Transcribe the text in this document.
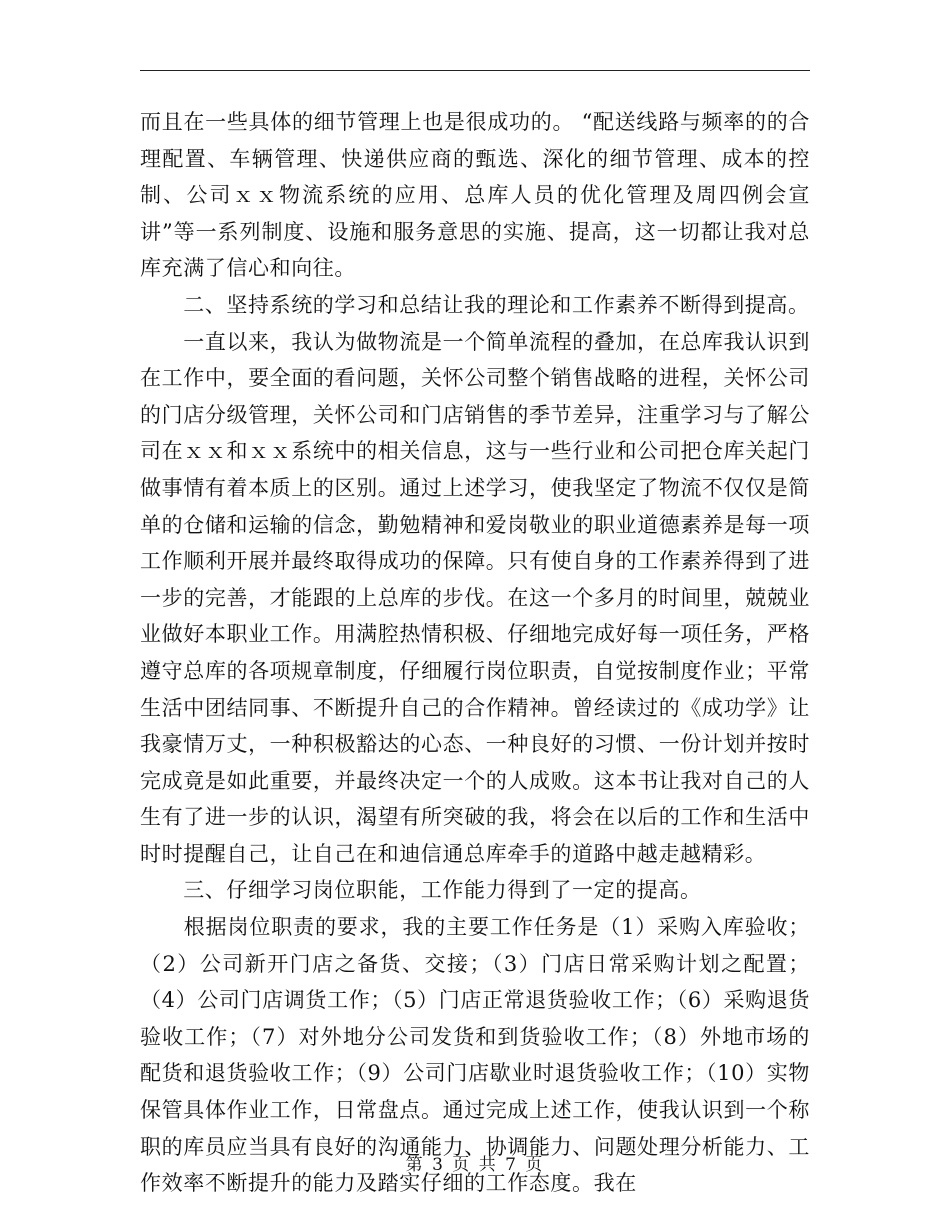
而且在一些具体的细节管理上也是很成功的。 “配送线路与频率的的合理配置、车辆管理、快递供应商的甄选、深化的细节管理、成本的控制、公司ｘｘ物流系统的应用、总库人员的优化管理及周四例会宣讲”等一系列制度、设施和服务意思的实施、提高，这一切都让我对总库充满了信心和向往。

　　二、坚持系统的学习和总结让我的理论和工作素养不断得到提高。

　　一直以来，我认为做物流是一个简单流程的叠加，在总库我认识到在工作中，要全面的看问题，关怀公司整个销售战略的进程，关怀公司的门店分级管理，关怀公司和门店销售的季节差异，注重学习与了解公司在ｘｘ和ｘｘ系统中的相关信息，这与一些行业和公司把仓库关起门做事情有着本质上的区别。通过上述学习，使我坚定了物流不仅仅是简单的仓储和运输的信念，勤勉精神和爱岗敬业的职业道德素养是每一项工作顺利开展并最终取得成功的保障。只有使自身的工作素养得到了进一步的完善，才能跟的上总库的步伐。在这一个多月的时间里，兢兢业业做好本职业工作。用满腔热情积极、仔细地完成好每一项任务，严格遵守总库的各项规章制度，仔细履行岗位职责，自觉按制度作业；平常生活中团结同事、不断提升自己的合作精神。曾经读过的《成功学》让我豪情万丈，一种积极豁达的心态、一种良好的习惯、一份计划并按时完成竟是如此重要，并最终决定一个的人成败。这本书让我对自己的人生有了进一步的认识，渴望有所突破的我，将会在以后的工作和生活中时时提醒自己，让自己在和迪信通总库牵手的道路中越走越精彩。

　　三、仔细学习岗位职能，工作能力得到了一定的提高。

　　根据岗位职责的要求，我的主要工作任务是（1）采购入库验收；（2）公司新开门店之备货、交接；（3）门店日常采购计划之配置；（4）公司门店调货工作；（5）门店正常退货验收工作；（6）采购退货验收工作；（7）对外地分公司发货和到货验收工作；（8）外地市场的配货和退货验收工作；（9）公司门店歇业时退货验收工作；（10）实物保管具体作业工作，日常盘点。通过完成上述工作，使我认识到一个称职的库员应当具有良好的沟通能力、协调能力、问题处理分析能力、工作效率不断提升的能力及踏实仔细的工作态度。我在

第 3 页 共 7 页
